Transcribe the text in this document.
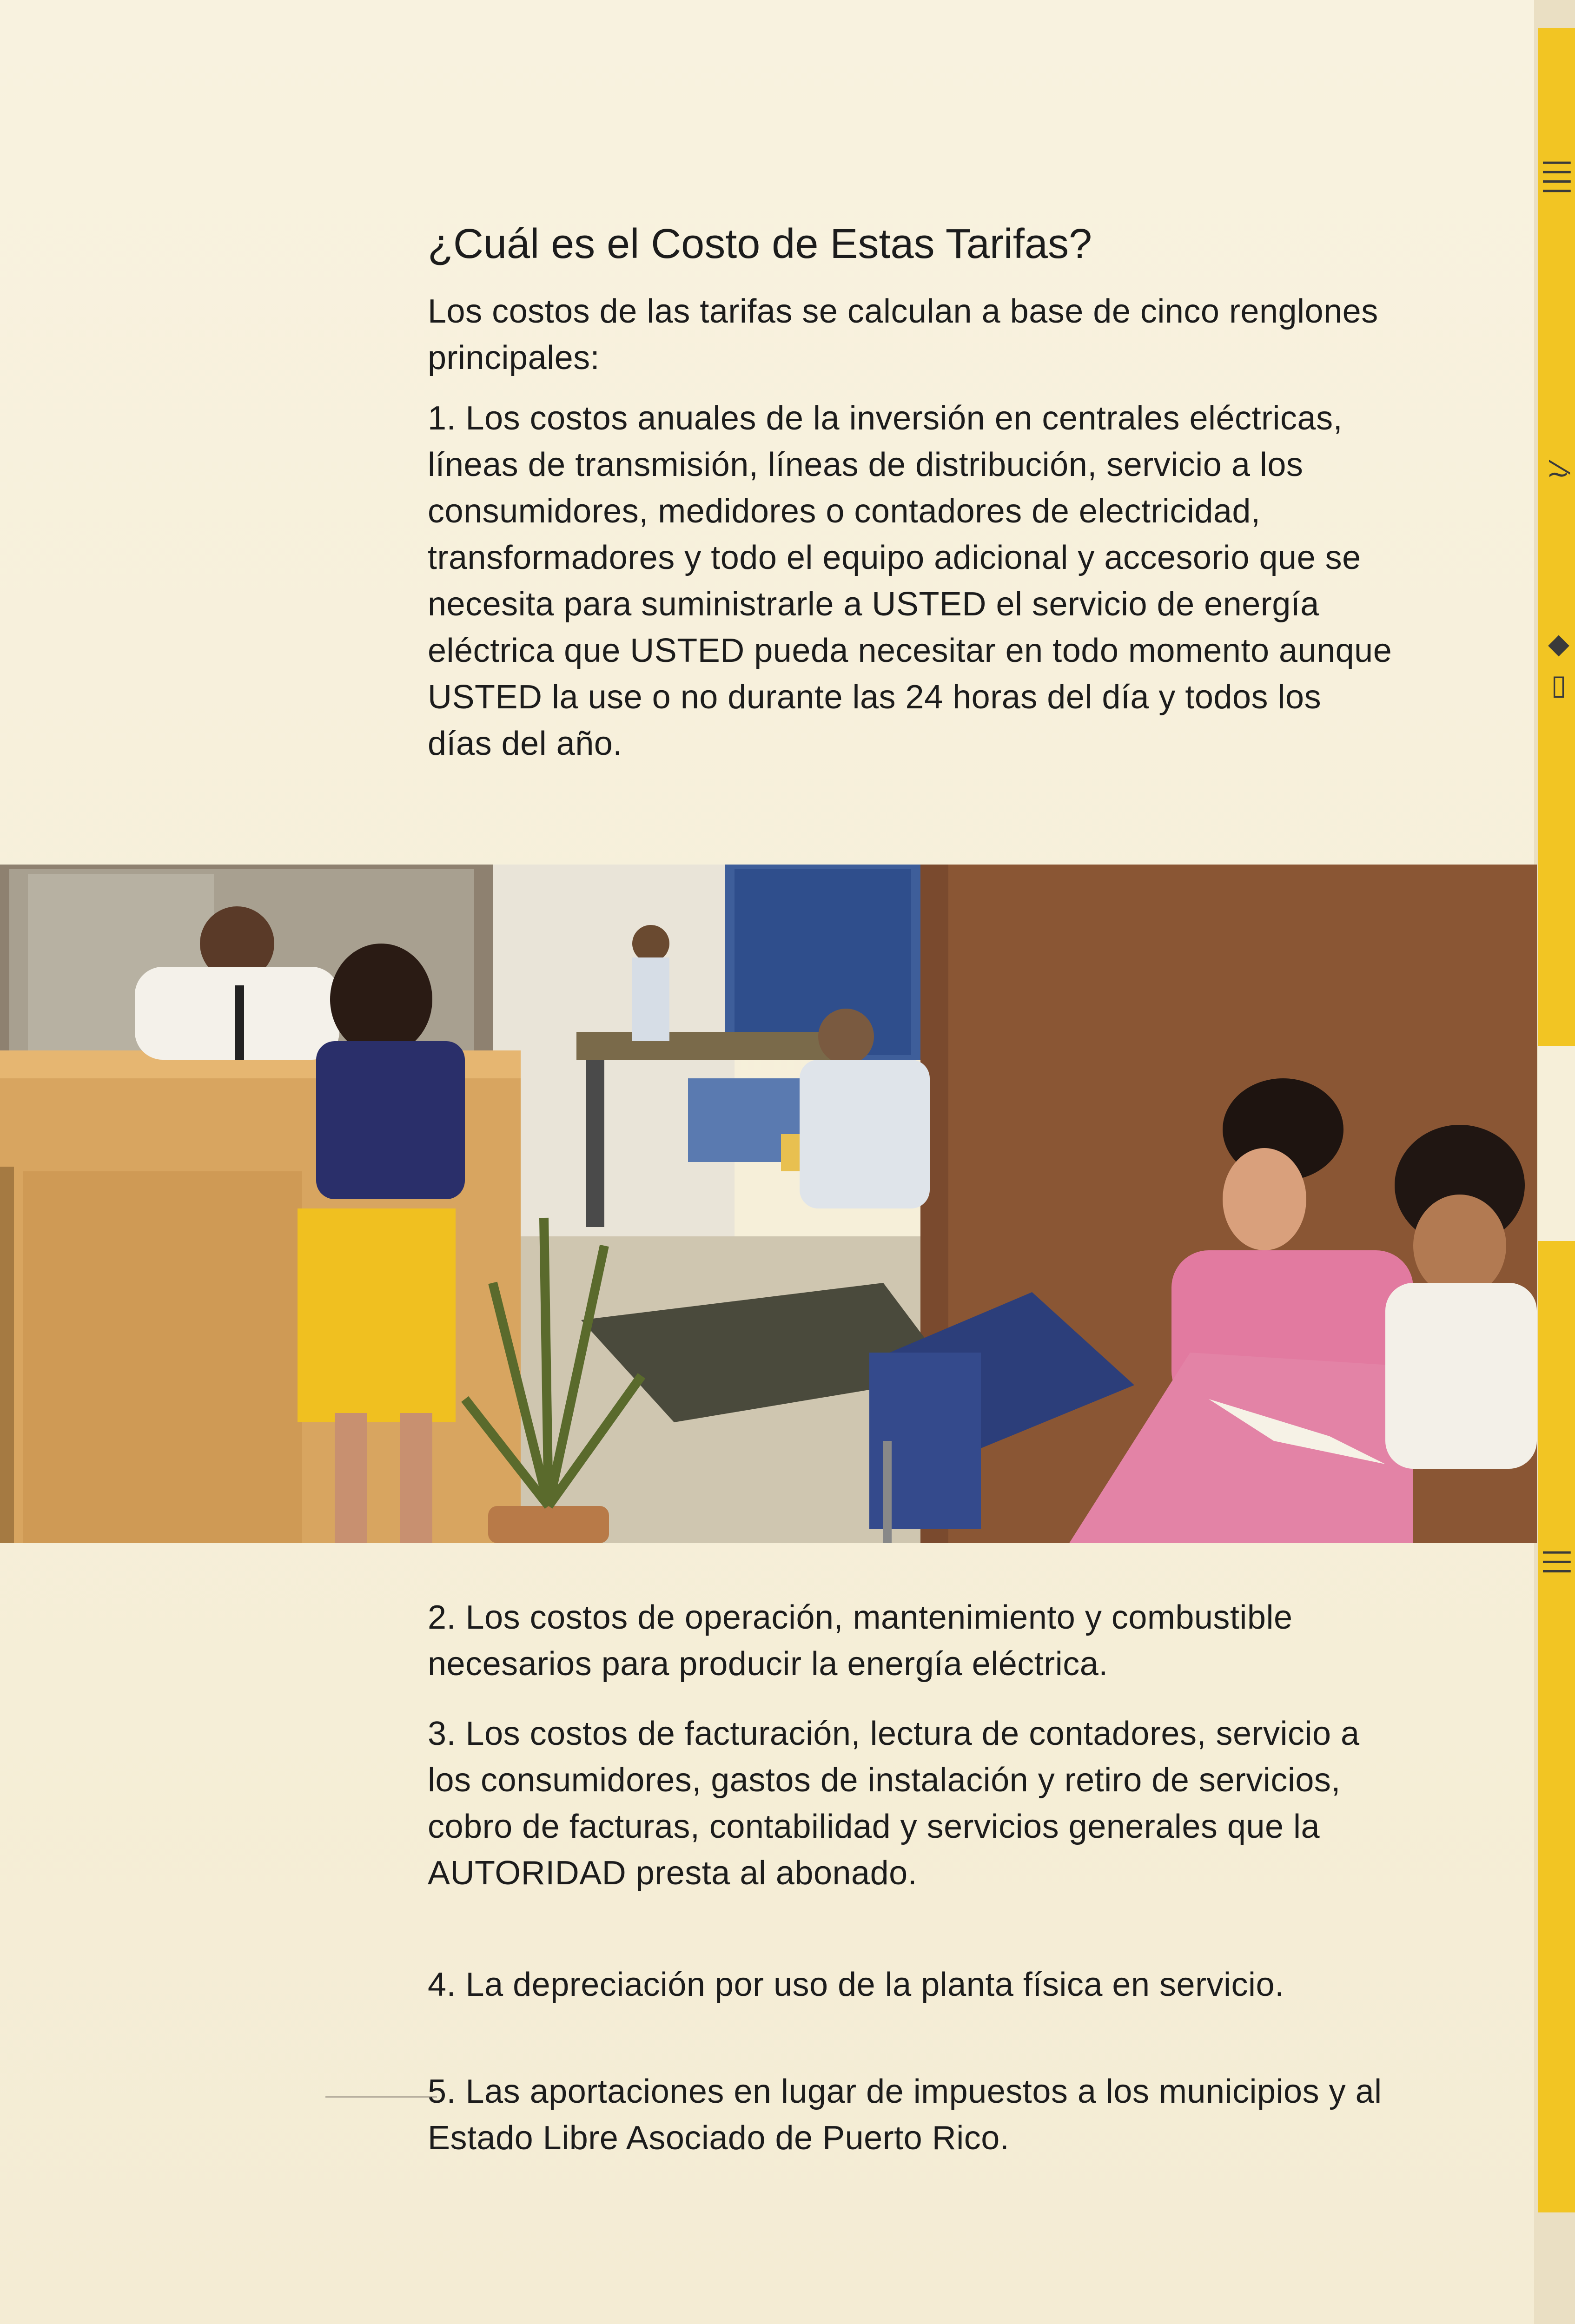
||||
⁄≀
◆ ▯
|||
¿Cuál es el Costo de Estas Tarifas?

Los costos de las tarifas se calculan a base de cinco renglones principales:

1. Los costos anuales de la inversión en centrales eléctricas, líneas de transmisión, líneas de distribución, servicio a los consumidores, medidores o contadores de electricidad, transformadores y todo el equipo adicional y accesorio que se necesita para suministrarle a USTED el servicio de energía eléctrica que USTED pueda necesitar en todo momento aunque USTED la use o no durante las 24 horas del día y todos los días del año.

2. Los costos de operación, mantenimiento y combustible necesarios para producir la energía eléctrica.

3. Los costos de facturación, lectura de contadores, servicio a los consumidores, gastos de instalación y retiro de servicios, cobro de facturas, contabilidad y servicios generales que la AUTORIDAD presta al abonado.

4. La depreciación por uso de la planta física en servicio.

5. Las aportaciones en lugar de impuestos a los municipios y al Estado Libre Asociado de Puerto Rico.
